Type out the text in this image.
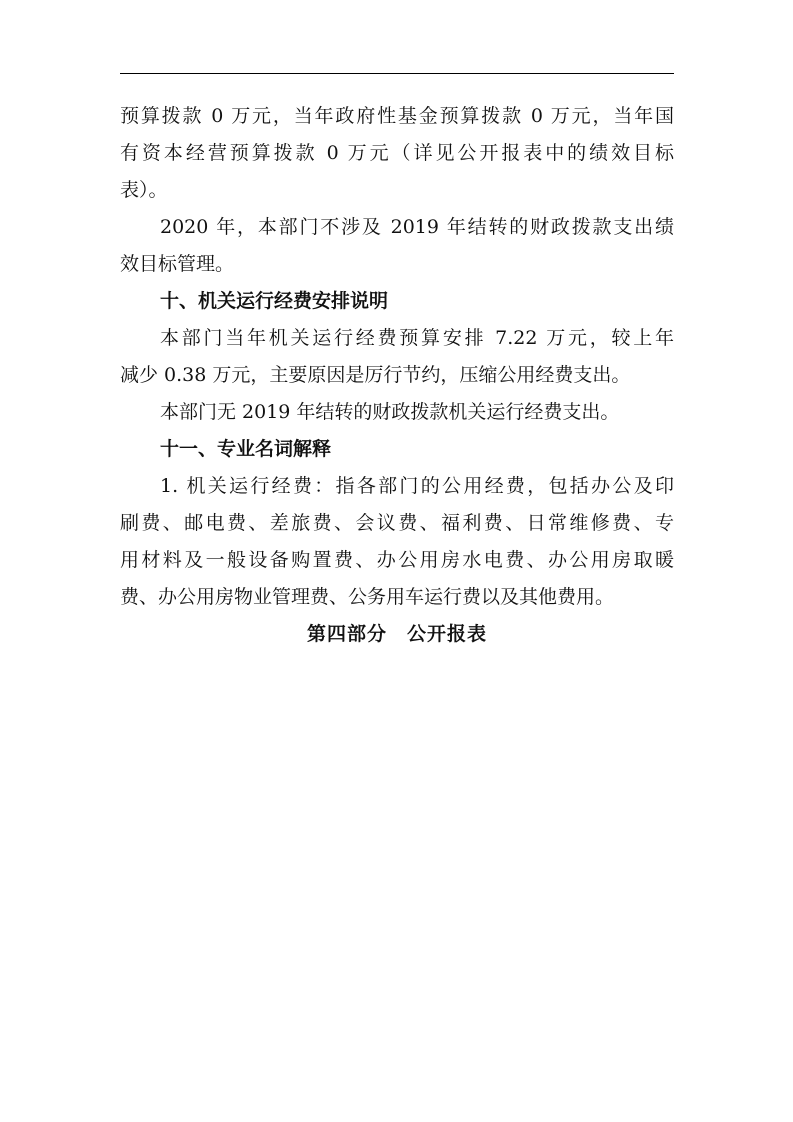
预算拨款 0 万元，当年政府性基金预算拨款 0 万元，当年国
有资本经营预算拨款 0 万元（详见公开报表中的绩效目标
表）。
2020 年，本部门不涉及 2019 年结转的财政拨款支出绩
效目标管理。
十、机关运行经费安排说明
本部门当年机关运行经费预算安排 7.22 万元，较上年
减少 0.38 万元，主要原因是厉行节约，压缩公用经费支出。
本部门无 2019 年结转的财政拨款机关运行经费支出。
十一、专业名词解释
1. 机关运行经费：指各部门的公用经费，包括办公及印
刷费、邮电费、差旅费、会议费、福利费、日常维修费、专
用材料及一般设备购置费、办公用房水电费、办公用房取暖
费、办公用房物业管理费、公务用车运行费以及其他费用。
第四部分　公开报表
